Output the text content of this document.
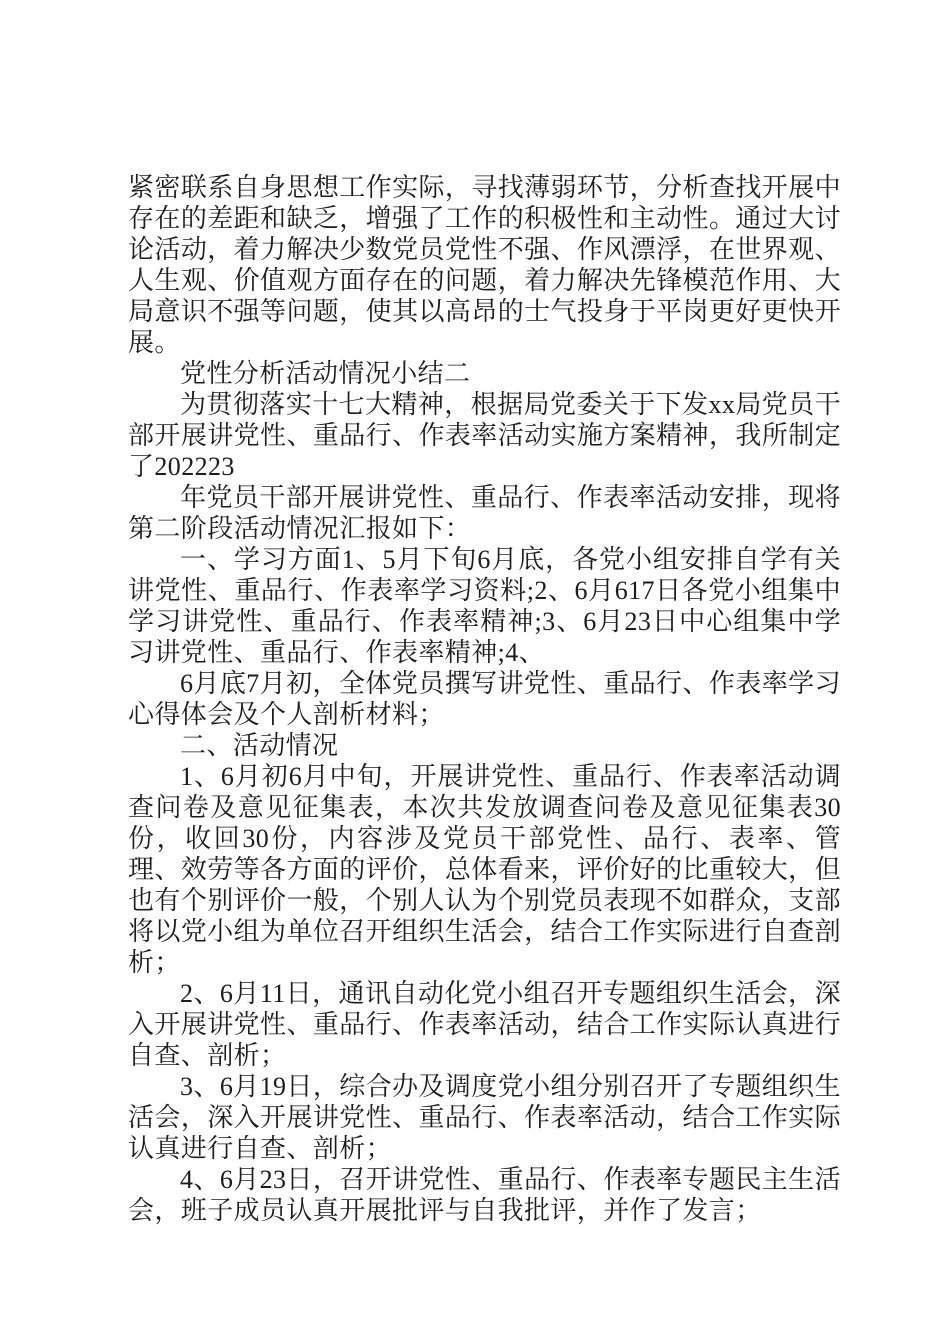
紧密联系自身思想工作实际，寻找薄弱环节，分析查找开展中存在的差距和缺乏，增强了工作的积极性和主动性。通过大讨论活动，着力解决少数党员党性不强、作风漂浮，在世界观、人生观、价值观方面存在的问题，着力解决先锋模范作用、大局意识不强等问题，使其以高昂的士气投身于平岗更好更快开展。

党性分析活动情况小结二

为贯彻落实十七大精神，根据局党委关于下发xx局党员干部开展讲党性、重品行、作表率活动实施方案精神，我所制定了202223

年党员干部开展讲党性、重品行、作表率活动安排，现将第二阶段活动情况汇报如下：

一、学习方面1、5月下旬6月底，各党小组安排自学有关讲党性、重品行、作表率学习资料;2、6月617日各党小组集中学习讲党性、重品行、作表率精神;3、6月23日中心组集中学习讲党性、重品行、作表率精神;4、

6月底7月初，全体党员撰写讲党性、重品行、作表率学习心得体会及个人剖析材料；

二、活动情况

1、6月初6月中旬，开展讲党性、重品行、作表率活动调查问卷及意见征集表，本次共发放调查问卷及意见征集表30份，收回30份，内容涉及党员干部党性、品行、表率、管理、效劳等各方面的评价，总体看来，评价好的比重较大，但也有个别评价一般，个别人认为个别党员表现不如群众，支部将以党小组为单位召开组织生活会，结合工作实际进行自查剖析；

2、6月11日，通讯自动化党小组召开专题组织生活会，深入开展讲党性、重品行、作表率活动，结合工作实际认真进行自查、剖析；

3、6月19日，综合办及调度党小组分别召开了专题组织生活会，深入开展讲党性、重品行、作表率活动，结合工作实际认真进行自查、剖析；

4、6月23日，召开讲党性、重品行、作表率专题民主生活会，班子成员认真开展批评与自我批评，并作了发言；
